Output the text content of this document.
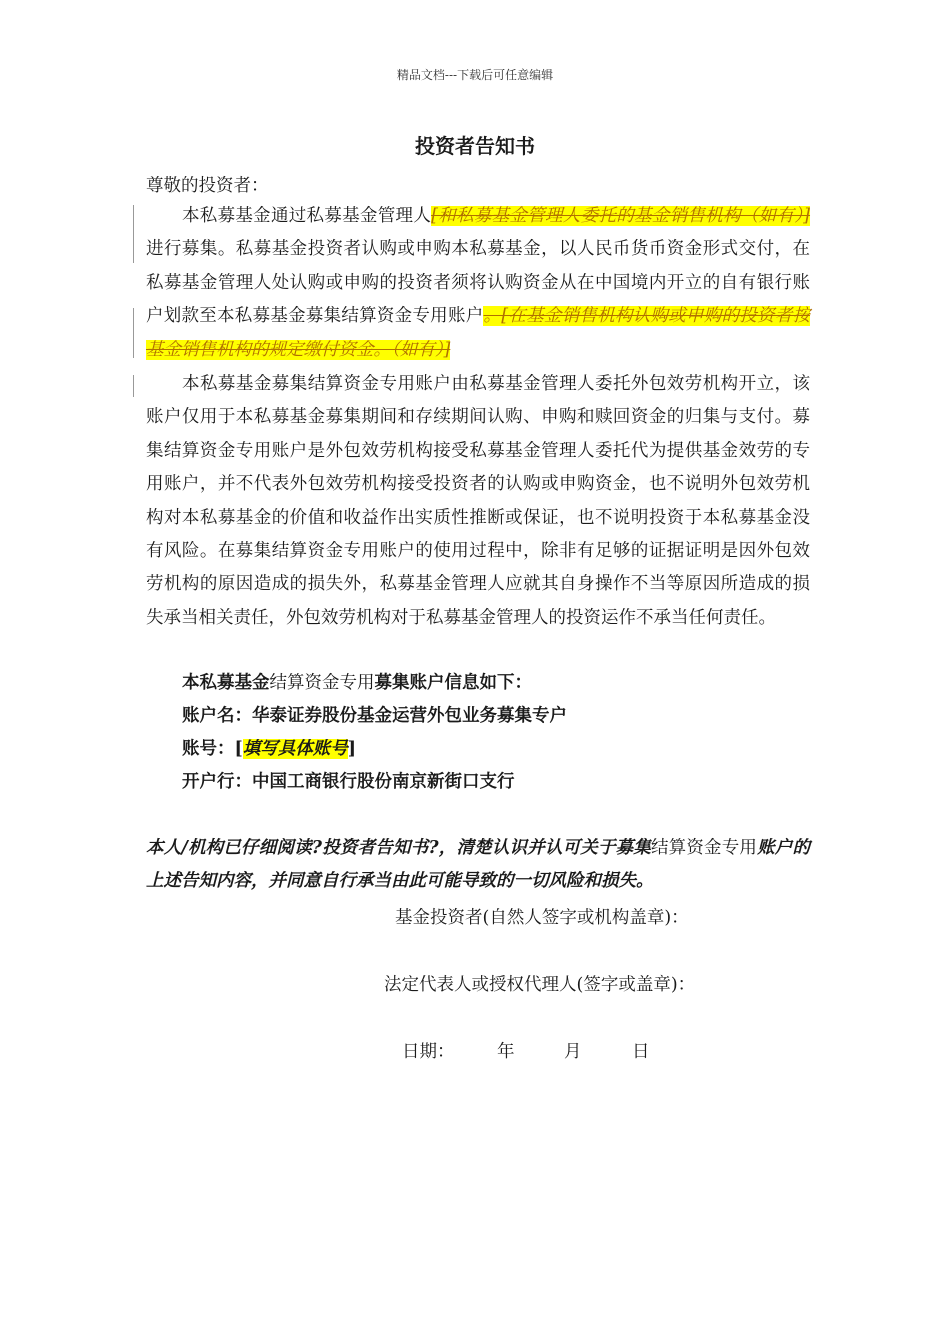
精品文档---下载后可任意编辑
投资者告知书

尊敬的投资者：

本私募基金通过私募基金管理人[和私募基金管理人委托的基金销售机构（如有）]进行募集。私募基金投资者认购或申购本私募基金，以人民币货币资金形式交付，在私募基金管理人处认购或申购的投资者须将认购资金从在中国境内开立的自有银行账户划款至本私募基金募集结算资金专用账户。[在基金销售机构认购或申购的投资者按基金销售机构的规定缴付资金。（如有）]

本私募基金募集结算资金专用账户由私募基金管理人委托外包效劳机构开立，该账户仅用于本私募基金募集期间和存续期间认购、申购和赎回资金的归集与支付。募集结算资金专用账户是外包效劳机构接受私募基金管理人委托代为提供基金效劳的专用账户，并不代表外包效劳机构接受投资者的认购或申购资金，也不说明外包效劳机构对本私募基金的价值和收益作出实质性推断或保证，也不说明投资于本私募基金没有风险。在募集结算资金专用账户的使用过程中，除非有足够的证据证明是因外包效劳机构的原因造成的损失外，私募基金管理人应就其自身操作不当等原因所造成的损失承当相关责任，外包效劳机构对于私募基金管理人的投资运作不承当任何责任。

本私募基金结算资金专用募集账户信息如下：
账户名：华泰证券股份基金运营外包业务募集专户
账号：[填写具体账号]
开户行：中国工商银行股份南京新街口支行

本人/机构已仔细阅读?投资者告知书?，清楚认识并认可关于募集结算资金专用账户的上述告知内容，并同意自行承当由此可能导致的一切风险和损失。

基金投资者(自然人签字或机构盖章)：
法定代表人或授权代理人(签字或盖章)：
日期： 年	月	日
